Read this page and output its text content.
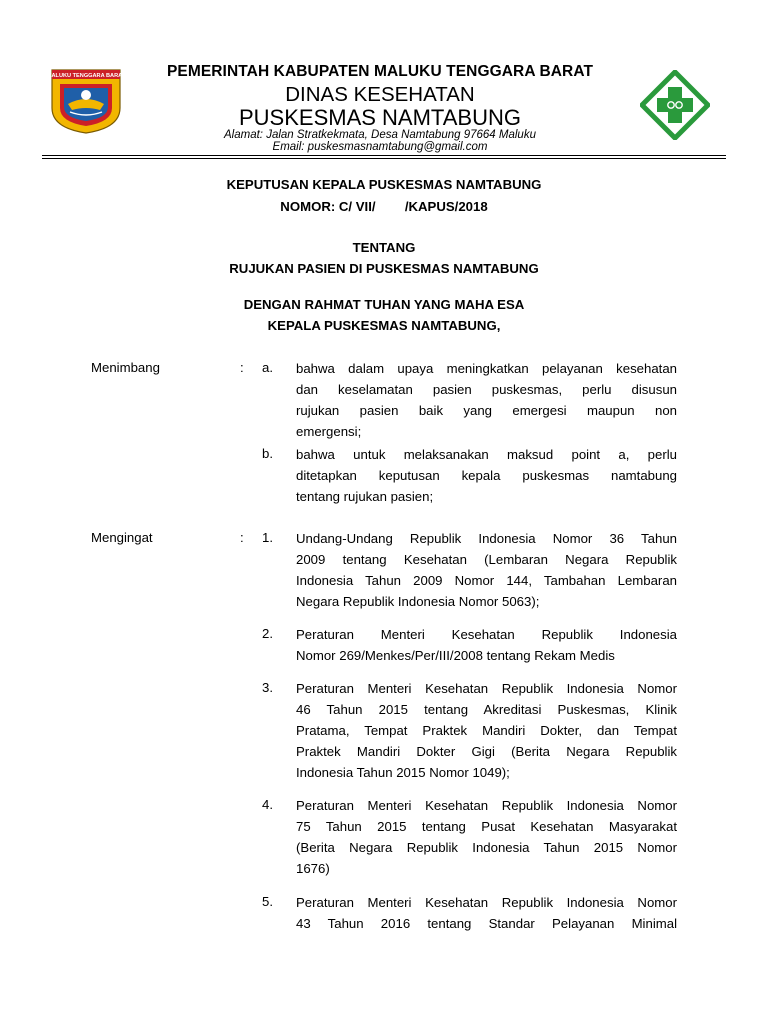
MALUKU TENGGARA BARAT	PEMERINTAH KABUPATEN MALUKU TENGGARA BARAT
DINAS KESEHATAN
PUSKESMAS NAMTABUNG
Alamat: Jalan Stratkekmata, Desa Namtabung 97664 Maluku
Email: puskesmasnamtabung@gmail.com
KEPUTUSAN KEPALA PUSKESMAS NAMTABUNG
NOMOR: C/ VII/        /KAPUS/2018
TENTANG
RUJUKAN PASIEN DI PUSKESMAS NAMTABUNG
DENGAN RAHMAT TUHAN YANG MAHA ESA
KEPALA PUSKESMAS NAMTABUNG,
Menimbang	: a. bahwa dalam upaya meningkatkan pelayanan kesehatan
dan keselamatan pasien puskesmas, perlu disusun
rujukan pasien baik yang emergesi maupun non
emergensi;
b. bahwa untuk melaksanakan maksud point a, perlu
ditetapkan keputusan kepala puskesmas namtabung
tentang rujukan pasien;
Mengingat	: 1. Undang-Undang Republik Indonesia Nomor 36 Tahun
2009 tentang Kesehatan (Lembaran Negara Republik
Indonesia Tahun 2009 Nomor 144, Tambahan Lembaran
Negara Republik Indonesia Nomor 5063);
2. Peraturan Menteri Kesehatan Republik Indonesia
Nomor 269/Menkes/Per/III/2008 tentang Rekam Medis
3. Peraturan Menteri Kesehatan Republik Indonesia Nomor
46 Tahun 2015 tentang Akreditasi Puskesmas, Klinik
Pratama, Tempat Praktek Mandiri Dokter, dan Tempat
Praktek Mandiri Dokter Gigi (Berita Negara Republik
Indonesia Tahun 2015 Nomor 1049);
4. Peraturan Menteri Kesehatan Republik Indonesia Nomor
75 Tahun 2015 tentang Pusat Kesehatan Masyarakat
(Berita Negara Republik Indonesia Tahun 2015 Nomor
1676)
5. Peraturan Menteri Kesehatan Republik Indonesia Nomor
43 Tahun 2016 tentang Standar Pelayanan Minimal
